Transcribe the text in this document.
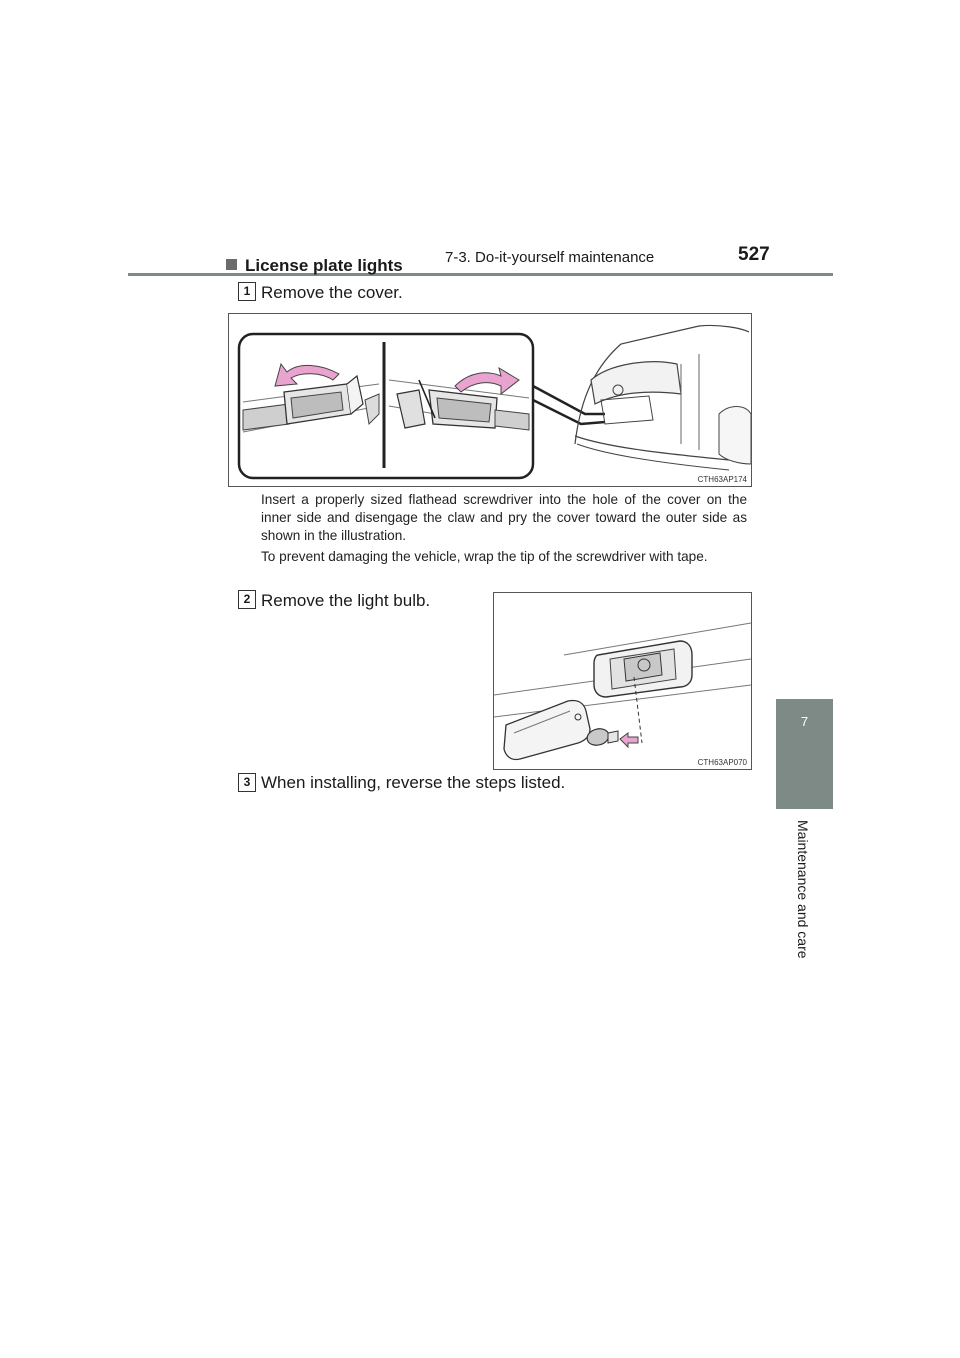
7-3. Do-it-yourself maintenance	527
7
Maintenance and care
License plate lights
1 Remove the cover.
CTH63AP174
Insert a properly sized flathead screwdriver into the hole of the cover on the inner side and disengage the claw and pry the cover toward the outer side as shown in the illustration.
To prevent damaging the vehicle, wrap the tip of the screwdriver with tape.
2 Remove the light bulb.
CTH63AP070
3 When installing, reverse the steps listed.
